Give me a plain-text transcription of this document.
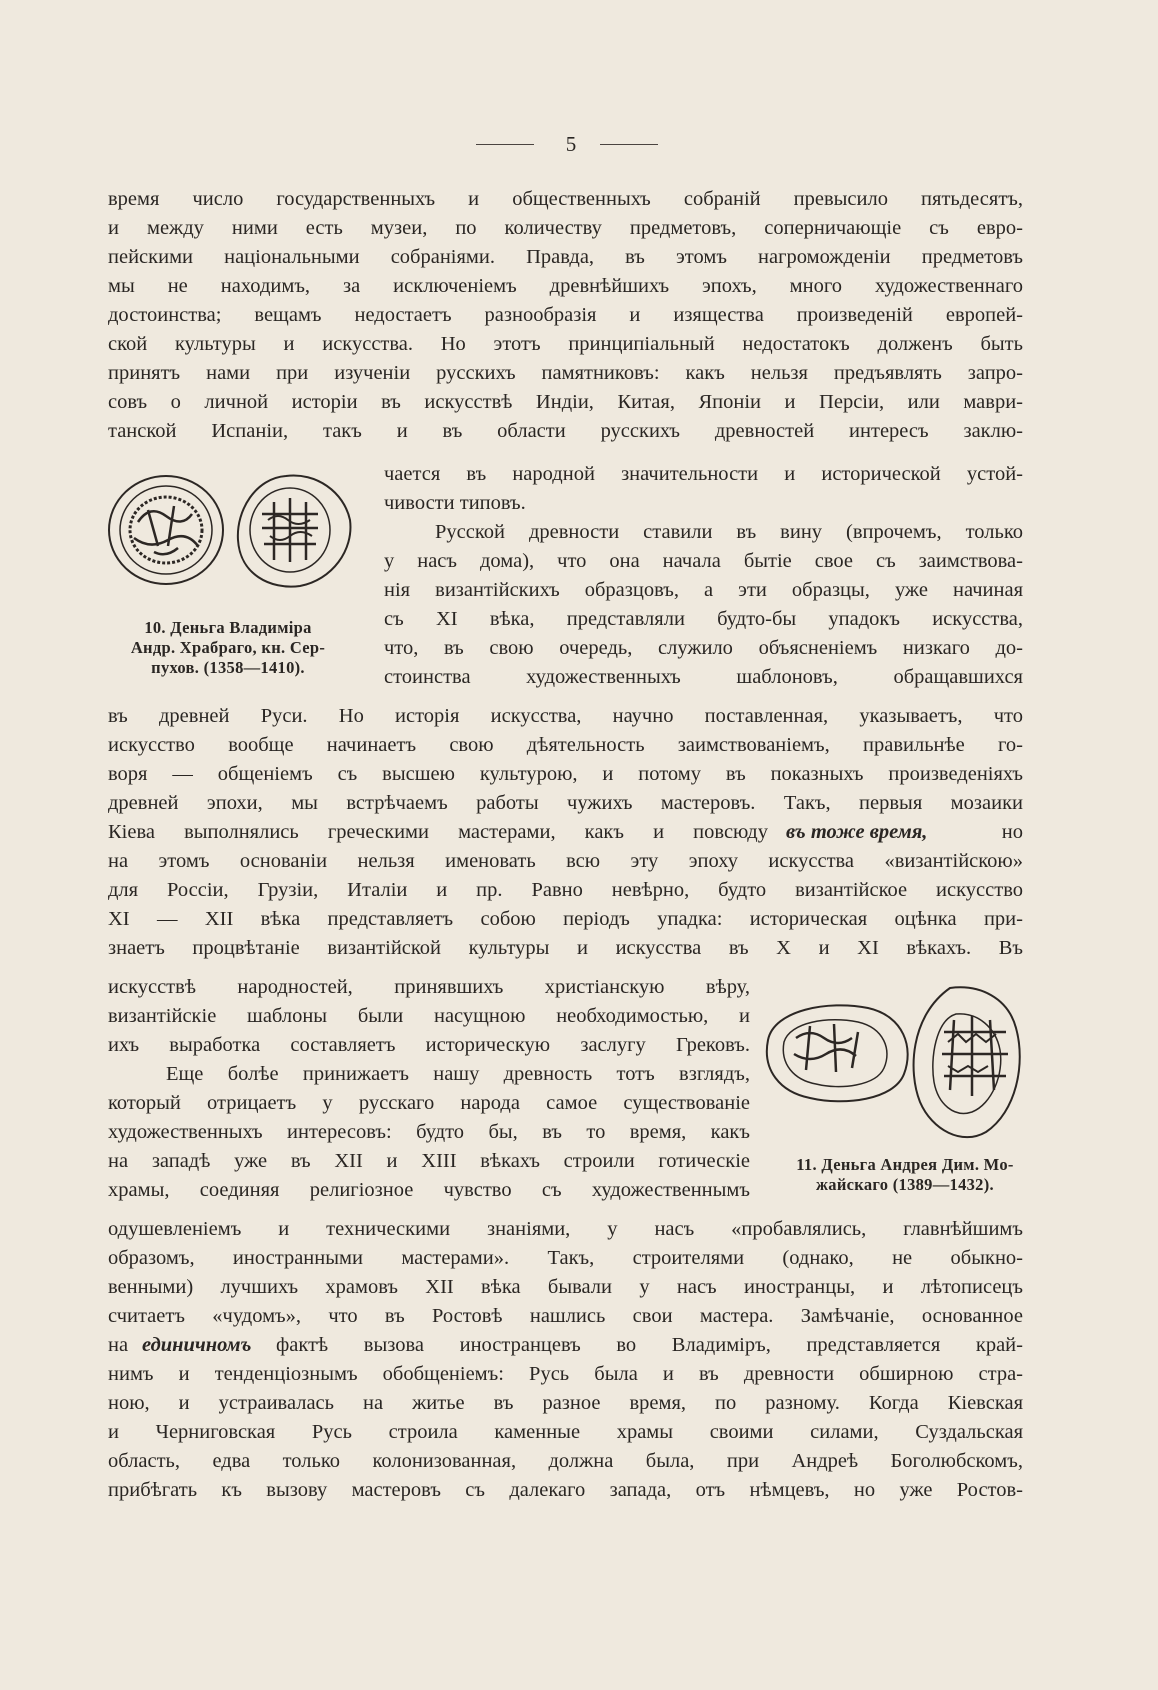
5
время число государственныхъ и общественныхъ собраній превысило пятьдесятъ,
и между ними есть музеи, по количеству предметовъ, соперничающіе съ евро-
пейскими національными собраніями. Правда, въ этомъ нагроможденіи предметовъ
мы не находимъ, за исключеніемъ древнѣйшихъ эпохъ, много художественнаго
достоинства; вещамъ недостаетъ разнообразія и изящества произведеній европей-
ской культуры и искусства. Но этотъ принципіальный недостатокъ долженъ быть
принятъ нами при изученіи русскихъ памятниковъ: какъ нельзя предъявлять запро-
совъ о личной исторіи въ искусствѣ Индіи, Китая, Японіи и Персіи, или маври-
танской Испаніи, такъ и въ области русскихъ древностей интересъ заклю-
10. Деньга Владиміра
Андр. Храбраго, кн. Сер-
пухов. (1358—1410).
чается въ народной значительности и исторической устой-
чивости типовъ.
Русской древности ставили въ вину (впрочемъ, только
у насъ дома), что она начала бытіе свое съ заимствова-
нія византійскихъ образцовъ, а эти образцы, уже начиная
съ XI вѣка, представляли будто-бы упадокъ искусства,
что, въ свою очередь, служило объясненіемъ низкаго до-
стоинства художественныхъ шаблоновъ, обращавшихся
въ древней Руси. Но исторія искусства, научно поставленная, указываетъ, что
искусство вообще начинаетъ свою дѣятельность заимствованіемъ, правильнѣе го-
воря — общеніемъ съ высшею культурою, и потому въ показныхъ произведеніяхъ
древней эпохи, мы встрѣчаемъ работы чужихъ мастеровъ. Такъ, первыя мозаики
Кіева выполнялись греческими мастерами, какъ и повсюду въ тоже время,	но
на этомъ основаніи нельзя именовать всю эту эпоху искусства «византійскою»
для Россіи, Грузіи, Италіи и пр. Равно невѣрно, будто византійское искусство
XI — XII вѣка представляетъ собою періодъ упадка: историческая оцѣнка при-
знаетъ процвѣтаніе византійской культуры и искусства въ X и XI вѣкахъ. Въ
искусствѣ народностей, принявшихъ христіанскую вѣру,
византійскіе шаблоны были насущною необходимостью, и
ихъ выработка составляетъ историческую заслугу Грековъ.
Еще болѣе принижаетъ нашу древность тотъ взглядъ,
который отрицаетъ у русскаго народа самое существованіе
художественныхъ интересовъ: будто бы, въ то время, какъ
на западѣ уже въ XII и XIII вѣкахъ строили готическіе
храмы, соединяя религіозное чувство съ художественнымъ
11. Деньга Андрея Дим. Мо-
жайскаго (1389—1432).
одушевленіемъ и техническими знаніями, у насъ «пробавлялись, главнѣйшимъ
образомъ, иностранными мастерами». Такъ, строителями (однако, не обыкно-
венными) лучшихъ храмовъ XII вѣка бывали у насъ иностранцы, и лѣтописецъ
считаетъ «чудомъ», что въ Ростовѣ нашлись свои мастера. Замѣчаніе, основанное
на единичномъ	фактѣ вызова иностранцевъ во Владиміръ, представляется край-
нимъ и тенденціознымъ обобщеніемъ: Русь была и въ древности обширною стра-
ною, и устраивалась на житье въ разное время, по разному. Когда Кіевская
и Черниговская Русь строила каменные храмы своими силами, Суздальская
область, едва только колонизованная, должна была, при Андреѣ Боголюбскомъ,
прибѣгать къ вызову мастеровъ съ далекаго запада, отъ нѣмцевъ, но уже Ростов-
